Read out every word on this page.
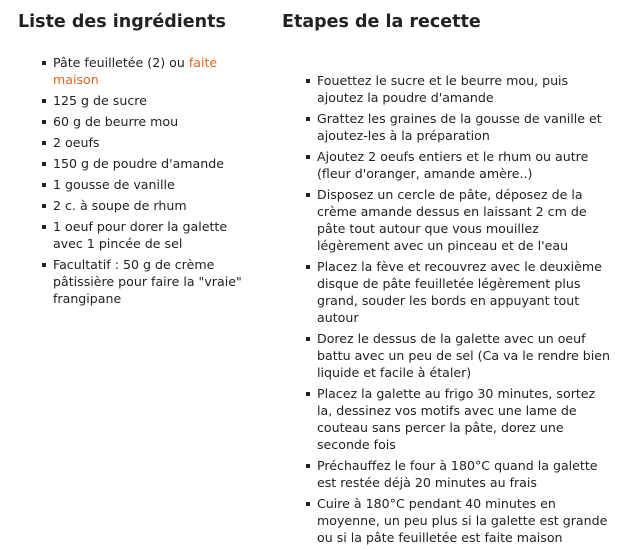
Liste des ingrédients
Pâte feuilletée (2) ou faite maison
125 g de sucre
60 g de beurre mou
2 oeufs
150 g de poudre d'amande
1 gousse de vanille
2 c. à soupe de rhum
1 oeuf pour dorer la galette avec 1 pincée de sel
Facultatif : 50 g de crème pâtissière pour faire la "vraie" frangipane
Etapes de la recette
Fouettez le sucre et le beurre mou, puis ajoutez la poudre d'amande
Grattez les graines de la gousse de vanille et ajoutez-les à la préparation
Ajoutez 2 oeufs entiers et le rhum ou autre (fleur d'oranger, amande amère..)
Disposez un cercle de pâte, déposez de la crème amande dessus en laissant 2 cm de pâte tout autour que vous mouillez légèrement avec un pinceau et de l'eau
Placez la fève et recouvrez avec le deuxième disque de pâte feuilletée légèrement plus grand, souder les bords en appuyant tout autour
Dorez le dessus de la galette avec un oeuf battu avec un peu de sel (Ca va le rendre bien liquide et facile à étaler)
Placez la galette au frigo 30 minutes, sortez la, dessinez vos motifs avec une lame de couteau sans percer la pâte, dorez une seconde fois
Préchauffez le four à 180°C quand la galette est restée déjà 20 minutes au frais
Cuire à 180°C pendant 40 minutes en moyenne, un peu plus si la galette est grande ou si la pâte feuilletée est faite maison
